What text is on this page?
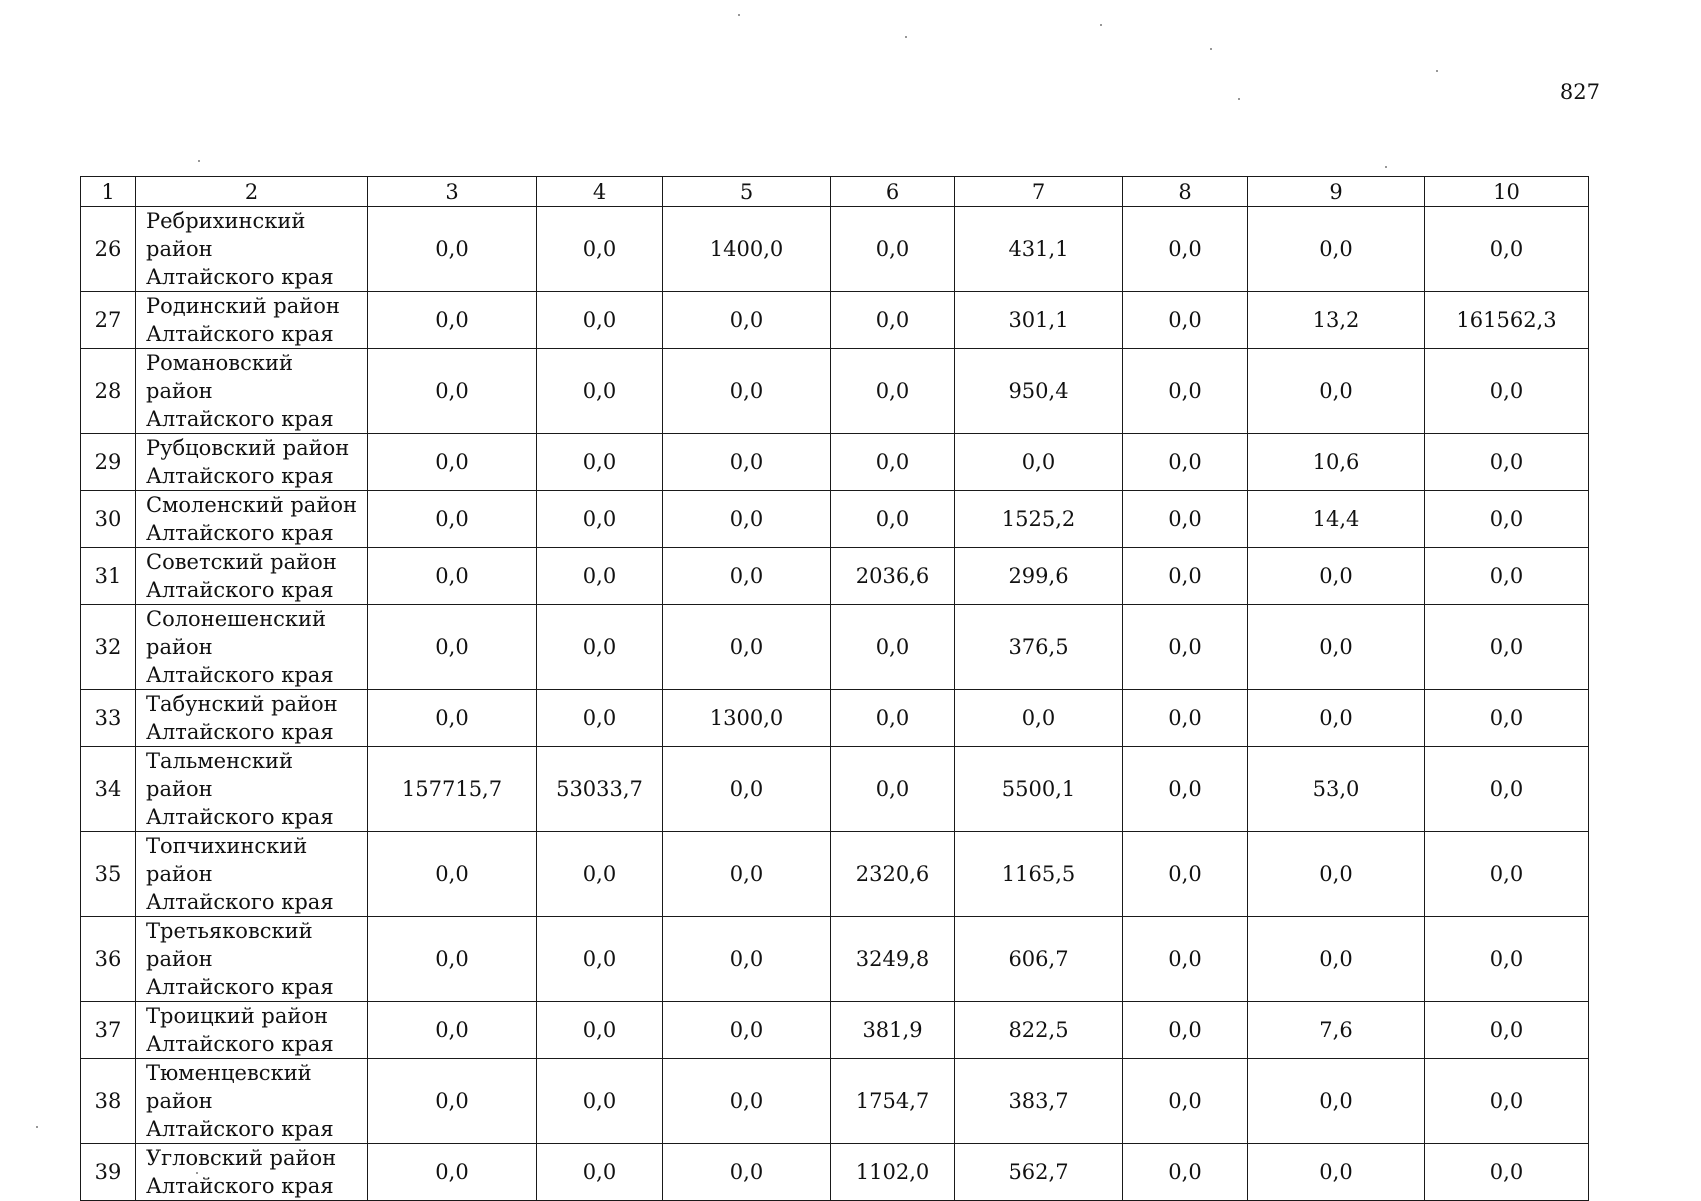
827
1	2	3	4	5	6	7	8	9	10
26	Ребрихинский
район
Алтайского края	0,0	0,0	1400,0	0,0	431,1	0,0	0,0	0,0
27	Родинский район
Алтайского края	0,0	0,0	0,0	0,0	301,1	0,0	13,2	161562,3
28	Романовский район
Алтайского края	0,0	0,0	0,0	0,0	950,4	0,0	0,0	0,0
29	Рубцовский район
Алтайского края	0,0	0,0	0,0	0,0	0,0	0,0	10,6	0,0
30	Смоленский район
Алтайского края	0,0	0,0	0,0	0,0	1525,2	0,0	14,4	0,0
31	Советский район
Алтайского края	0,0	0,0	0,0	2036,6	299,6	0,0	0,0	0,0
32	Солонешенский
район
Алтайского края	0,0	0,0	0,0	0,0	376,5	0,0	0,0	0,0
33	Табунский район
Алтайского края	0,0	0,0	1300,0	0,0	0,0	0,0	0,0	0,0
34	Тальменский район
Алтайского края	157715,7	53033,7	0,0	0,0	5500,1	0,0	53,0	0,0
35	Топчихинский
район
Алтайского края	0,0	0,0	0,0	2320,6	1165,5	0,0	0,0	0,0
36	Третьяковский
район
Алтайского края	0,0	0,0	0,0	3249,8	606,7	0,0	0,0	0,0
37	Троицкий район
Алтайского края	0,0	0,0	0,0	381,9	822,5	0,0	7,6	0,0
38	Тюменцевский
район
Алтайского края	0,0	0,0	0,0	1754,7	383,7	0,0	0,0	0,0
39	Угловский район
Алтайского края	0,0	0,0	0,0	1102,0	562,7	0,0	0,0	0,0
